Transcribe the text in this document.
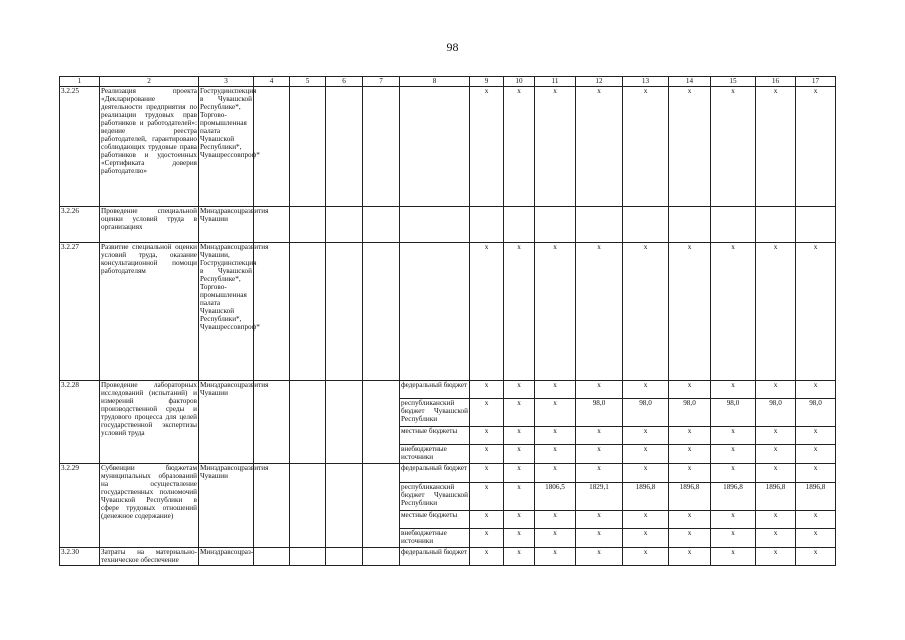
98
1	2	3	4	5	6	7	8	9	10	11	12	13	14	15	16	17
3.2.25	Реализация проекта «Декларирование деятельности предприятия по реализации трудовых прав работников и работодателей»: ведение реестра работодателей, гарантировано соблюдающих трудовые права работников и удостоенных «Сертификата доверия работодателю»	Гострудинспекция в Чувашской Республике*, Торгово-промышленная палата Чувашской Республики*, Чувашрессовпроф*						x	x	x	x	x	x	x	x	x
3.2.26	Проведение специальной оценки условий труда в организациях	Минздравсоцразвития Чувашии														
3.2.27	Развитие специальной оценки условий труда, оказание консультационной помощи работодателям	Минздравсоцразвития Чувашии, Гострудинспекция в Чувашской Республике*, Торгово-промышленная палата Чувашской Республики*, Чувашрессовпроф*						x	x	x	x	x	x	x	x	x
3.2.28	Проведение лабораторных исследований (испытаний) и измерений факторов производственной среды и трудового процесса для целей государственной экспертизы условий труда	Минздравсоцразвития Чувашии					федеральный бюджет	x	x	x	x	x	x	x	x	x
							республиканский бюджет Чувашской Республики	x	x	x	98,0	98,0	98,0	98,0	98,0	98,0
							местные бюджеты	x	x	x	x	x	x	x	x	x
							внебюджетные источники	x	x	x	x	x	x	x	x	x
3.2.29	Субвенции бюджетам муниципальных образований на осуществление государственных полномочий Чувашской Республики в сфере трудовых отношений (денежное содержание)	Минздравсоцразвития Чувашии					федеральный бюджет	x	x	x	x	x	x	x	x	x
							республиканский бюджет Чувашской Республики	x	x	1806,5	1829,1	1896,8	1896,8	1896,8	1896,8	1896,8
							местные бюджеты	x	x	x	x	x	x	x	x	x
							внебюджетные источники	x	x	x	x	x	x	x	x	x
3.2.30	Затраты на материально-техническое обеспечение	Минздравсоцраз-					федеральный бюджет	x	x	x	x	x	x	x	x	x
